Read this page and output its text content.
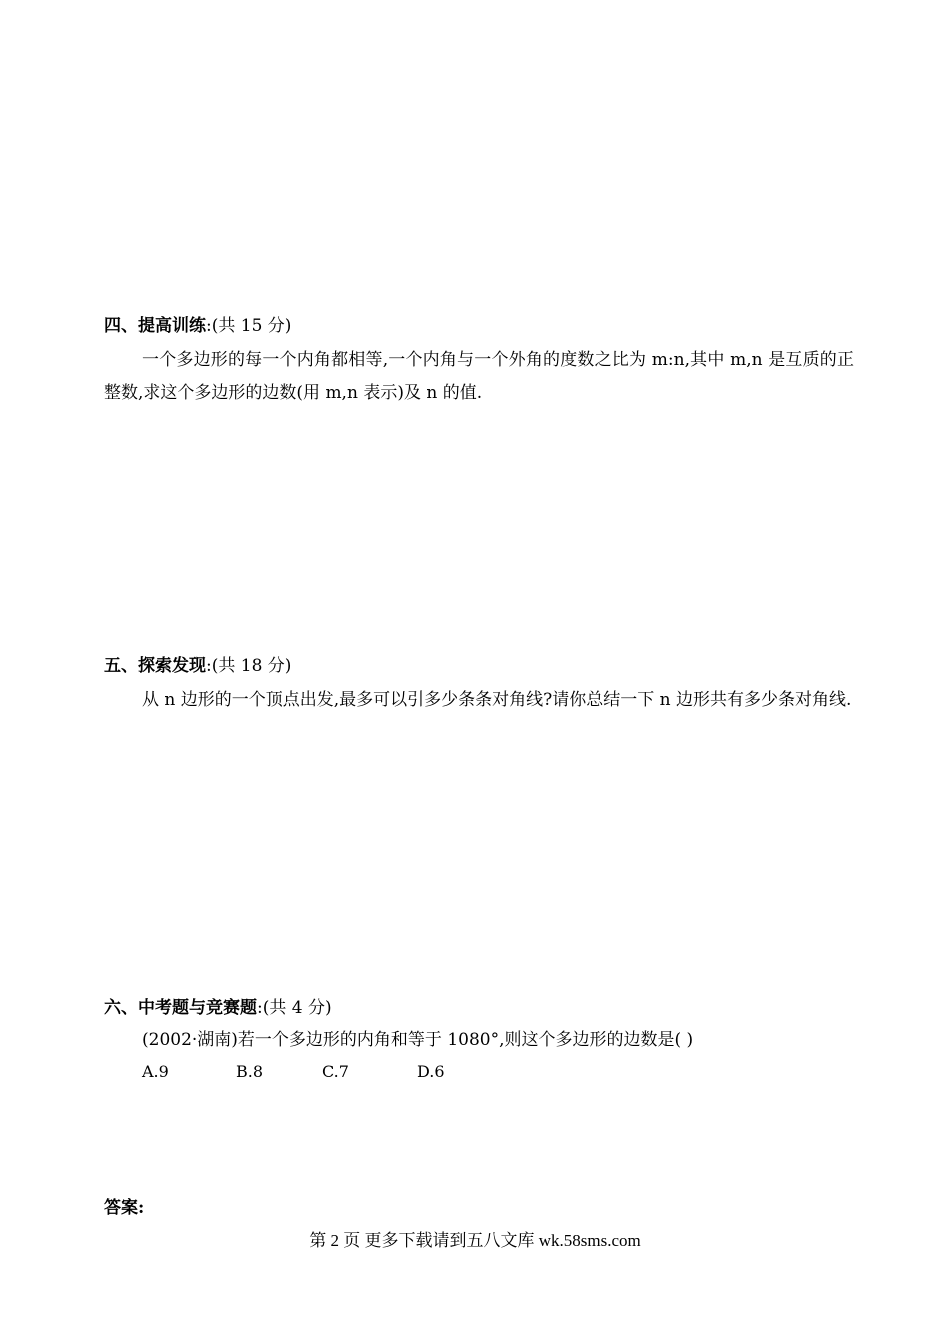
四、提高训练:(共 15 分)
一个多边形的每一个内角都相等,一个内角与一个外角的度数之比为 m:n,其中 m,n 是互质的正整数,求这个多边形的边数(用 m,n 表示)及 n 的值.
五、探索发现:(共 18 分)
从 n 边形的一个顶点出发,最多可以引多少条条对角线?请你总结一下 n 边形共有多少条对角线.
六、中考题与竞赛题:(共 4 分)
(2002·湖南)若一个多边形的内角和等于 1080°,则这个多边形的边数是( )
A.9	B.8	C.7	D.6
答案:
第 2 页 更多下载请到五八文库 wk.58sms.com
